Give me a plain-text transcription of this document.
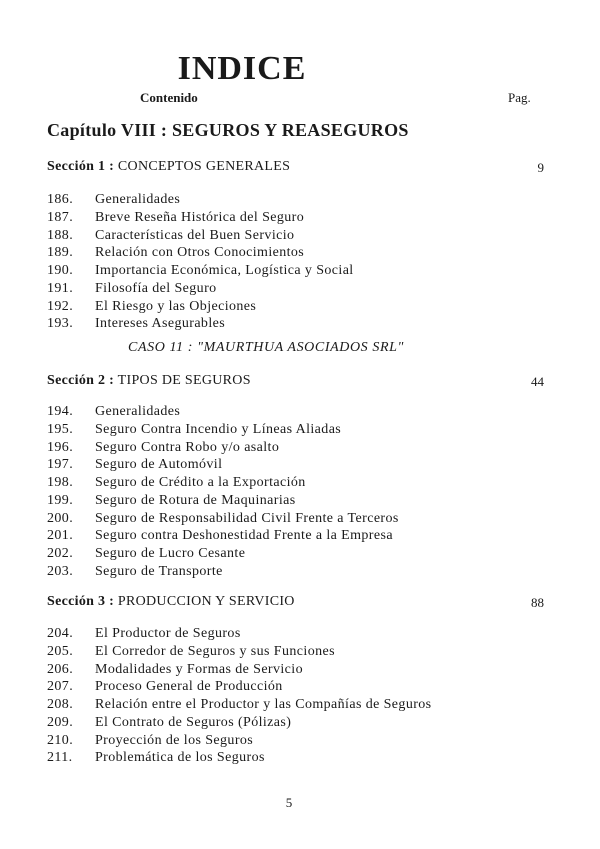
INDICE
Contenido	Pag.
Capítulo VIII : SEGUROS Y REASEGUROS
CASO 11 : "MAURTHUA ASOCIADOS SRL"
5
Sección 1 : CONCEPTOS GENERALES	9
186. Generalidades
187. Breve Reseña Histórica del Seguro
188. Características del Buen Servicio
189. Relación con Otros Conocimientos
190. Importancia Económica, Logística y Social
191. Filosofía del Seguro
192. El Riesgo y las Objeciones
193. Intereses Asegurables
Sección 2 : TIPOS DE SEGUROS	44
194. Generalidades
195. Seguro Contra Incendio y Líneas Aliadas
196. Seguro Contra Robo y/o asalto
197. Seguro de Automóvil
198. Seguro de Crédito a la Exportación
199. Seguro de Rotura de Maquinarias
200. Seguro de Responsabilidad Civil Frente a Terceros
201. Seguro contra Deshonestidad Frente a la Empresa
202. Seguro de Lucro Cesante
203. Seguro de Transporte
Sección 3 : PRODUCCION Y SERVICIO	88
204. El Productor de Seguros
205. El Corredor de Seguros y sus Funciones
206. Modalidades y Formas de Servicio
207. Proceso General de Producción
208. Relación entre el Productor y las Compañías de Seguros
209. El Contrato de Seguros (Pólizas)
210. Proyección de los Seguros
211. Problemática de los Seguros
